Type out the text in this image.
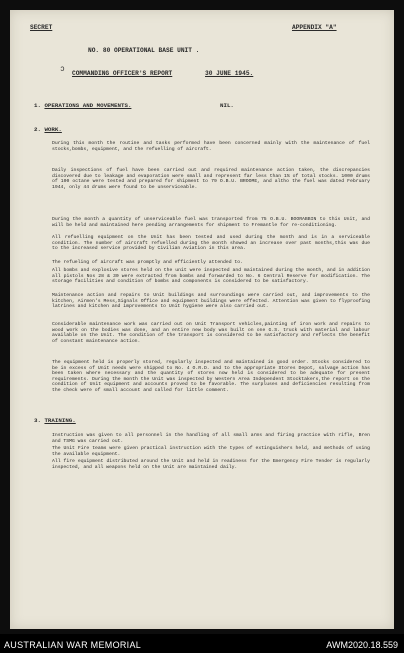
SECRET	APPENDIX "A"
NO. 80 OPERATIONAL BASE UNIT .
ↄ COMMANDING OFFICER'S REPORT	30 JUNE 1945.
1. OPERATIONS AND MOVEMENTS.	NIL.
2. WORK.

During this month the routine and tasks performed have been concerned mainly with the maintenance of fuel stocks,bombs, equipment, and the refuelling of aircraft.

Daily inspections of fuel have been carried out and required maintenance action taken, the discrepancies discovered due to leakage and evaporation were small and represent far less than 1% of total stocks. 1000 drums of 100 octane were tested and prepared for shipment to 79 O.B.U. BROOME, and altho the fuel was dated February 1944, only 44 drums were found to be unserviceable.

During the month a quantity of unserviceable fuel was transported from 75 O.B.U. BOORABBIN to this Unit, and will be held and maintained here pending arrangements for shipment to Fremantle for re-conditioning.

All refuelling equipment on the Unit has been tested and used during the month and is in a serviceable condition. The number of aircraft refuelled during the month showed an increase over past months,this was due to the increased service provided by Civilian Aviation in this area.

The refueling of aircraft was promptly and efficiently attended to.

All bombs and explosive stores held on the unit were inspected and maintained during the month, and in addition all pistols Nos 28 & 30 were extracted from bombs and forwarded to No. 6 Central Reserve for modification. The storage facilities and condition of bombs and components is considered to be satisfactory.

Maintenance action and repairs to Unit buildings and surroundings were carried out, and improvements to the kitchen, Airmen's Mess,Signals Office and equipment buildings were effected. Attention was given to flyproofing latrines and kitchen and improvements to Unit hygiene were also carried out.

Considerable maintenance work was carried out on Unit Transport vehicles,painting of iron work and repairs to wood work on the bodies was done, and an entire new body was built on one G.S. truck with material and labour available on the Unit. The condition of the transport is considered to be satisfactory and reflects the benefit of constant maintenance action.

The equipment held is properly stored, regularly inspected and maintained in good order. Stocks considered to be in excess of Unit needs were shipped to No. 4 O.R.D. and to the appropriate Stores Depot, salvage action has been taken where necessary and the quantity of stores now held is considered to be adequate for present requirements. During the month the Unit was inspected by Western Area Independent Stocktakers,the report on the condition of Unit equipment and accounts proved to be favorable. The surpluses and deficiencies resulting from the check were of small account and called for little comment.

3. TRAINING.

Instruction was given to all personnel in the handling of all small arms and firing practice with rifle, Bren and TSMG was carried out.

The Unit Fire teams were given practical instruction with the types of extinguishers held, and methods of using the available equipment.

All fire equipment distributed around the Unit and held in readiness for the Emergency Fire Tender is regularly inspected, and all weapons held on the Unit are maintained daily.

AUSTRALIAN WAR MEMORIAL	AWM2020.18.559
